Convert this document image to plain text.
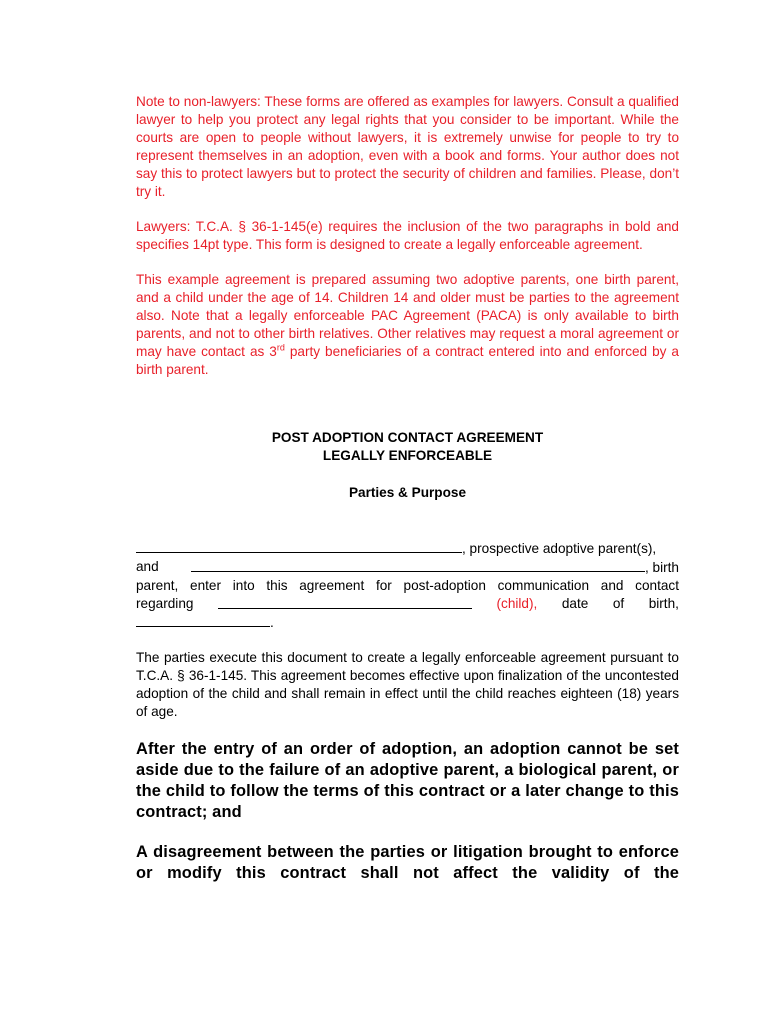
Note to non-lawyers: These forms are offered as examples for lawyers. Consult a qualified lawyer to help you protect any legal rights that you consider to be important. While the courts are open to people without lawyers, it is extremely unwise for people to try to represent themselves in an adoption, even with a book and forms. Your author does not say this to protect lawyers but to protect the security of children and families. Please, don’t try it.

Lawyers: T.C.A. § 36-1-145(e) requires the inclusion of the two paragraphs in bold and specifies 14pt type. This form is designed to create a legally enforceable agreement.

This example agreement is prepared assuming two adoptive parents, one birth parent, and a child under the age of 14. Children 14 and older must be parties to the agreement also. Note that a legally enforceable PAC Agreement (PACA) is only available to birth parents, and not to other birth relatives. Other relatives may request a moral agreement or may have contact as 3rd party beneficiaries of a contract entered into and enforced by a birth parent.

POST ADOPTION CONTACT AGREEMENT
LEGALLY ENFORCEABLE
Parties & Purpose
, prospective adoptive parent(s),
and	, birth

parent, enter into this agreement for post-adoption communication and contact

regarding	(child), date of birth,
.

The parties execute this document to create a legally enforceable agreement pursuant to T.C.A. § 36-1-145. This agreement becomes effective upon finalization of the uncontested adoption of the child and shall remain in effect until the child reaches eighteen (18) years of age.

After the entry of an order of adoption, an adoption cannot be set aside due to the failure of an adoptive parent, a biological parent, or the child to follow the terms of this contract or a later change to this contract; and

A disagreement between the parties or litigation brought to enforce or modify this contract shall not affect the validity of the
